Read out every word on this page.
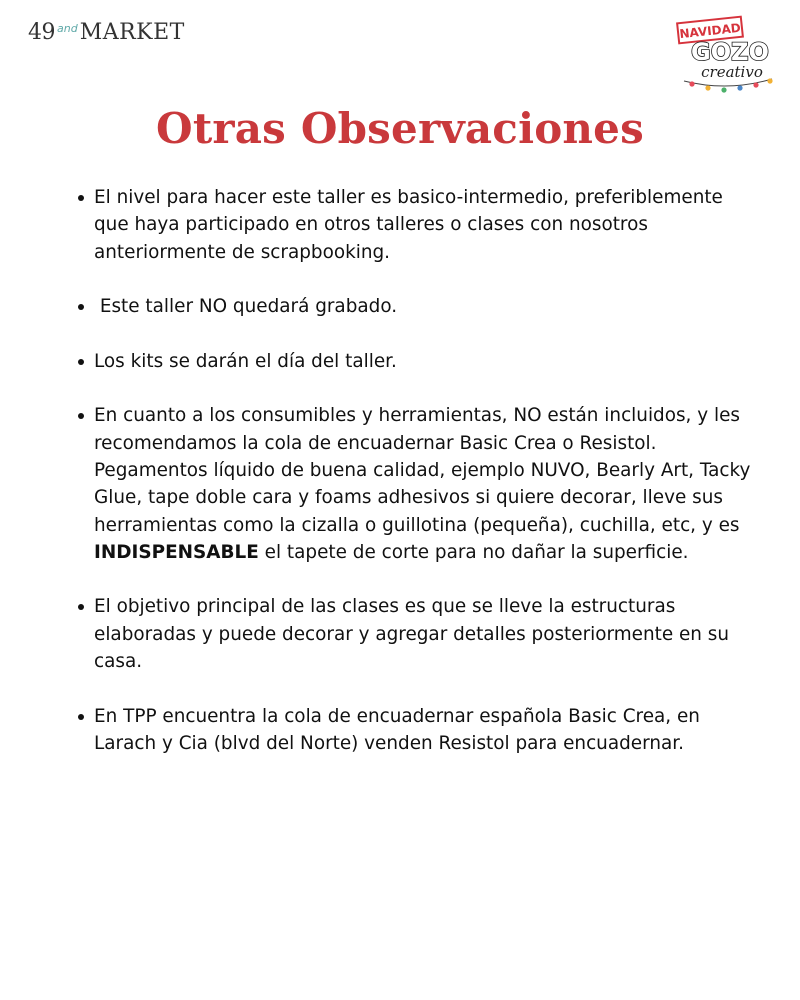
49 and MARKET	NAVIDAD
GOZO
creativo
Otras Observaciones
El nivel para hacer este taller es basico-intermedio, preferiblemente que haya participado en otros talleres o clases con nosotros anteriormente de scrapbooking.
Este taller NO quedará grabado.
Los kits se darán el día del taller.
En cuanto a los consumibles y herramientas, NO están incluidos, y les recomendamos la cola de encuadernar Basic Crea o Resistol. Pegamentos líquido de buena calidad, ejemplo NUVO, Bearly Art, Tacky Glue, tape doble cara y foams adhesivos si quiere decorar, lleve sus herramientas como la cizalla o guillotina (pequeña), cuchilla, etc, y es INDISPENSABLE el tapete de corte para no dañar la superficie.
El objetivo principal de las clases es que se lleve la estructuras elaboradas y puede decorar y agregar detalles posteriormente en su casa.
En TPP encuentra la cola de encuadernar española Basic Crea, en Larach y Cia (blvd del Norte) venden Resistol para encuadernar.
